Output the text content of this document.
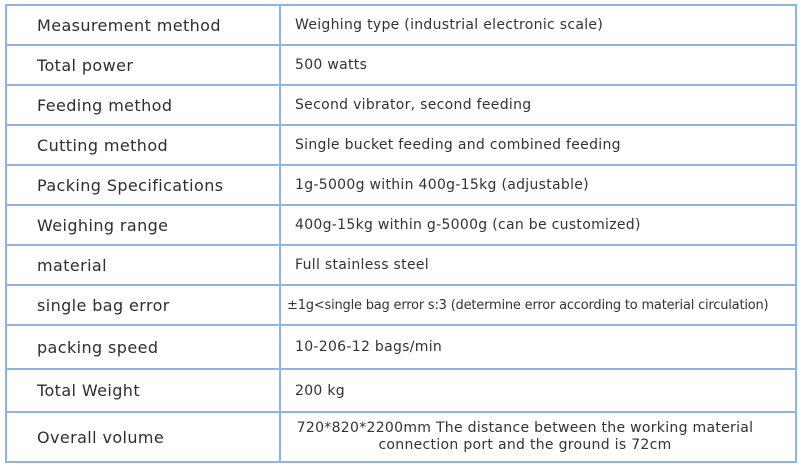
Measurement method	Weighing type (industrial electronic scale)
Total power	500 watts
Feeding method	Second vibrator, second feeding
Cutting method	Single bucket feeding and combined feeding
Packing Specifications	1g-5000g within 400g-15kg (adjustable)
Weighing range	400g-15kg within g-5000g (can be customized)
material	Full stainless steel
single bag error	±1g<single bag error s:3 (determine error according to material circulation)
packing speed	10-206-12 bags/min
Total Weight	200 kg
Overall volume	720*820*2200mm The distance between the working material connection port and the ground is 72cm
